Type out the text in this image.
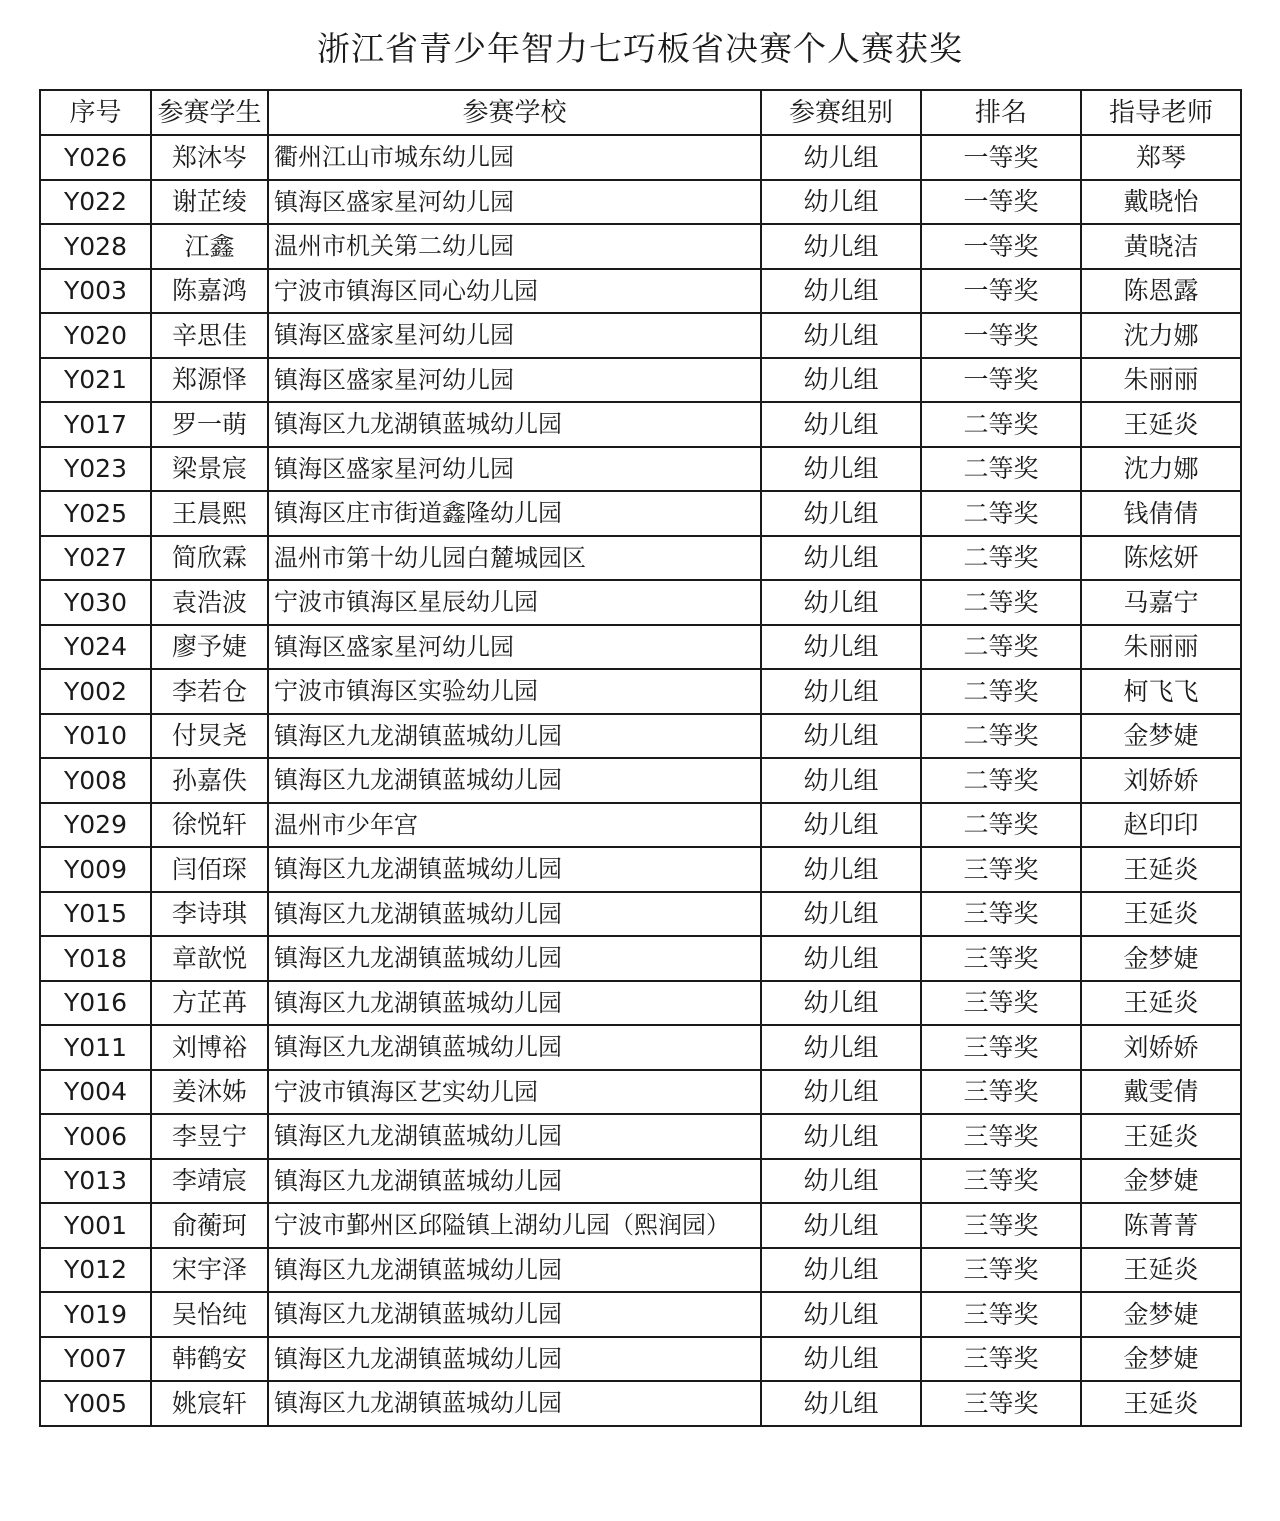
浙江省青少年智力七巧板省决赛个人赛获奖
序号	参赛学生	参赛学校	参赛组别	排名	指导老师
Y026	郑沐岑	衢州江山市城东幼儿园	幼儿组	一等奖	郑琴
Y022	谢芷绫	镇海区盛家星河幼儿园	幼儿组	一等奖	戴晓怡
Y028	江鑫	温州市机关第二幼儿园	幼儿组	一等奖	黄晓洁
Y003	陈嘉鸿	宁波市镇海区同心幼儿园	幼儿组	一等奖	陈恩露
Y020	辛思佳	镇海区盛家星河幼儿园	幼儿组	一等奖	沈力娜
Y021	郑源怿	镇海区盛家星河幼儿园	幼儿组	一等奖	朱丽丽
Y017	罗一萌	镇海区九龙湖镇蓝城幼儿园	幼儿组	二等奖	王延炎
Y023	梁景宸	镇海区盛家星河幼儿园	幼儿组	二等奖	沈力娜
Y025	王晨熙	镇海区庄市街道鑫隆幼儿园	幼儿组	二等奖	钱倩倩
Y027	简欣霖	温州市第十幼儿园白麓城园区	幼儿组	二等奖	陈炫妍
Y030	袁浩波	宁波市镇海区星辰幼儿园	幼儿组	二等奖	马嘉宁
Y024	廖予婕	镇海区盛家星河幼儿园	幼儿组	二等奖	朱丽丽
Y002	李若仓	宁波市镇海区实验幼儿园	幼儿组	二等奖	柯飞飞
Y010	付炅尧	镇海区九龙湖镇蓝城幼儿园	幼儿组	二等奖	金梦婕
Y008	孙嘉佚	镇海区九龙湖镇蓝城幼儿园	幼儿组	二等奖	刘娇娇
Y029	徐悦轩	温州市少年宫	幼儿组	二等奖	赵印印
Y009	闫佰琛	镇海区九龙湖镇蓝城幼儿园	幼儿组	三等奖	王延炎
Y015	李诗琪	镇海区九龙湖镇蓝城幼儿园	幼儿组	三等奖	王延炎
Y018	章歆悦	镇海区九龙湖镇蓝城幼儿园	幼儿组	三等奖	金梦婕
Y016	方芷苒	镇海区九龙湖镇蓝城幼儿园	幼儿组	三等奖	王延炎
Y011	刘博裕	镇海区九龙湖镇蓝城幼儿园	幼儿组	三等奖	刘娇娇
Y004	姜沐姊	宁波市镇海区艺实幼儿园	幼儿组	三等奖	戴雯倩
Y006	李昱宁	镇海区九龙湖镇蓝城幼儿园	幼儿组	三等奖	王延炎
Y013	李靖宸	镇海区九龙湖镇蓝城幼儿园	幼儿组	三等奖	金梦婕
Y001	俞蘅珂	宁波市鄞州区邱隘镇上湖幼儿园（熙润园）	幼儿组	三等奖	陈菁菁
Y012	宋宇泽	镇海区九龙湖镇蓝城幼儿园	幼儿组	三等奖	王延炎
Y019	吴怡纯	镇海区九龙湖镇蓝城幼儿园	幼儿组	三等奖	金梦婕
Y007	韩鹤安	镇海区九龙湖镇蓝城幼儿园	幼儿组	三等奖	金梦婕
Y005	姚宸轩	镇海区九龙湖镇蓝城幼儿园	幼儿组	三等奖	王延炎
